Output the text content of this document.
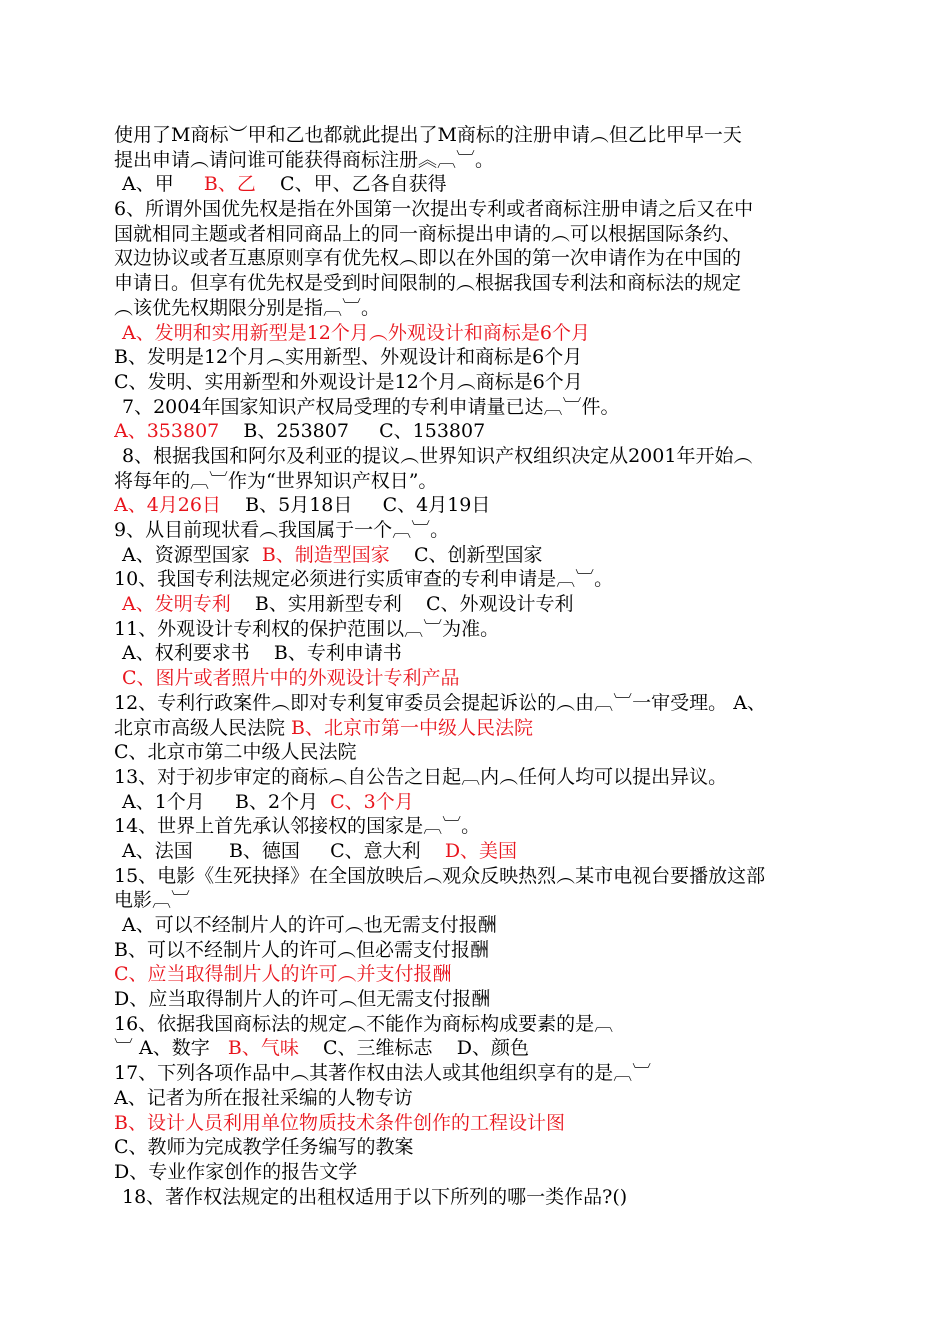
使用了M商标︶甲和乙也都就此提出了M商标的注册申请︵但乙比甲早一天
提出申请︵请问谁可能获得商标注册︽︹︺。
A、甲     B、乙    C、甲、乙各自获得
6、所谓外国优先权是指在外国第一次提出专利或者商标注册申请之后又在中
国就相同主题或者相同商品上的同一商标提出申请的︵可以根据国际条约、
双边协议或者互惠原则享有优先权︵即以在外国的第一次申请作为在中国的
申请日。但享有优先权是受到时间限制的︵根据我国专利法和商标法的规定
︵该优先权期限分别是指︹︺。
A、发明和实用新型是12个月︵外观设计和商标是6个月
B、发明是12个月︵实用新型、外观设计和商标是6个月
C、发明、实用新型和外观设计是12个月︵商标是6个月
7、2004年国家知识产权局受理的专利申请量已达︹︺件。
A、353807    B、253807     C、153807
8、根据我国和阿尔及利亚的提议︵世界知识产权组织决定从2001年开始︵
将每年的︹︺作为“世界知识产权日”。
A、4月26日    B、5月18日     C、4月19日
9、从目前现状看︵我国属于一个︹︺。
A、资源型国家  B、制造型国家    C、创新型国家
10、我国专利法规定必须进行实质审查的专利申请是︹︺。
A、发明专利    B、实用新型专利    C、外观设计专利
11、外观设计专利权的保护范围以︹︺为准。
A、权利要求书    B、专利申请书
C、图片或者照片中的外观设计专利产品
12、专利行政案件︵即对专利复审委员会提起诉讼的︵由︹︺一审受理。 A、
北京市高级人民法院 B、北京市第一中级人民法院
C、北京市第二中级人民法院
13、对于初步审定的商标︵自公告之日起︹内︵任何人均可以提出异议。
A、1个月     B、2个月  C、3个月
14、世界上首先承认邻接权的国家是︹︺。
A、法国      B、德国     C、意大利    D、美国
15、电影《生死抉择》在全国放映后︵观众反映热烈︵某市电视台要播放这部
电影︹︺
A、可以不经制片人的许可︵也无需支付报酬
B、可以不经制片人的许可︵但必需支付报酬
C、应当取得制片人的许可︵并支付报酬
D、应当取得制片人的许可︵但无需支付报酬
16、依据我国商标法的规定︵不能作为商标构成要素的是︹
︺ A、数字   B、气味    C、三维标志    D、颜色
17、下列各项作品中︵其著作权由法人或其他组织享有的是︹︺
A、记者为所在报社采编的人物专访
B、设计人员利用单位物质技术条件创作的工程设计图
C、教师为完成教学任务编写的教案
D、专业作家创作的报告文学
18、著作权法规定的出租权适用于以下所列的哪一类作品?()
